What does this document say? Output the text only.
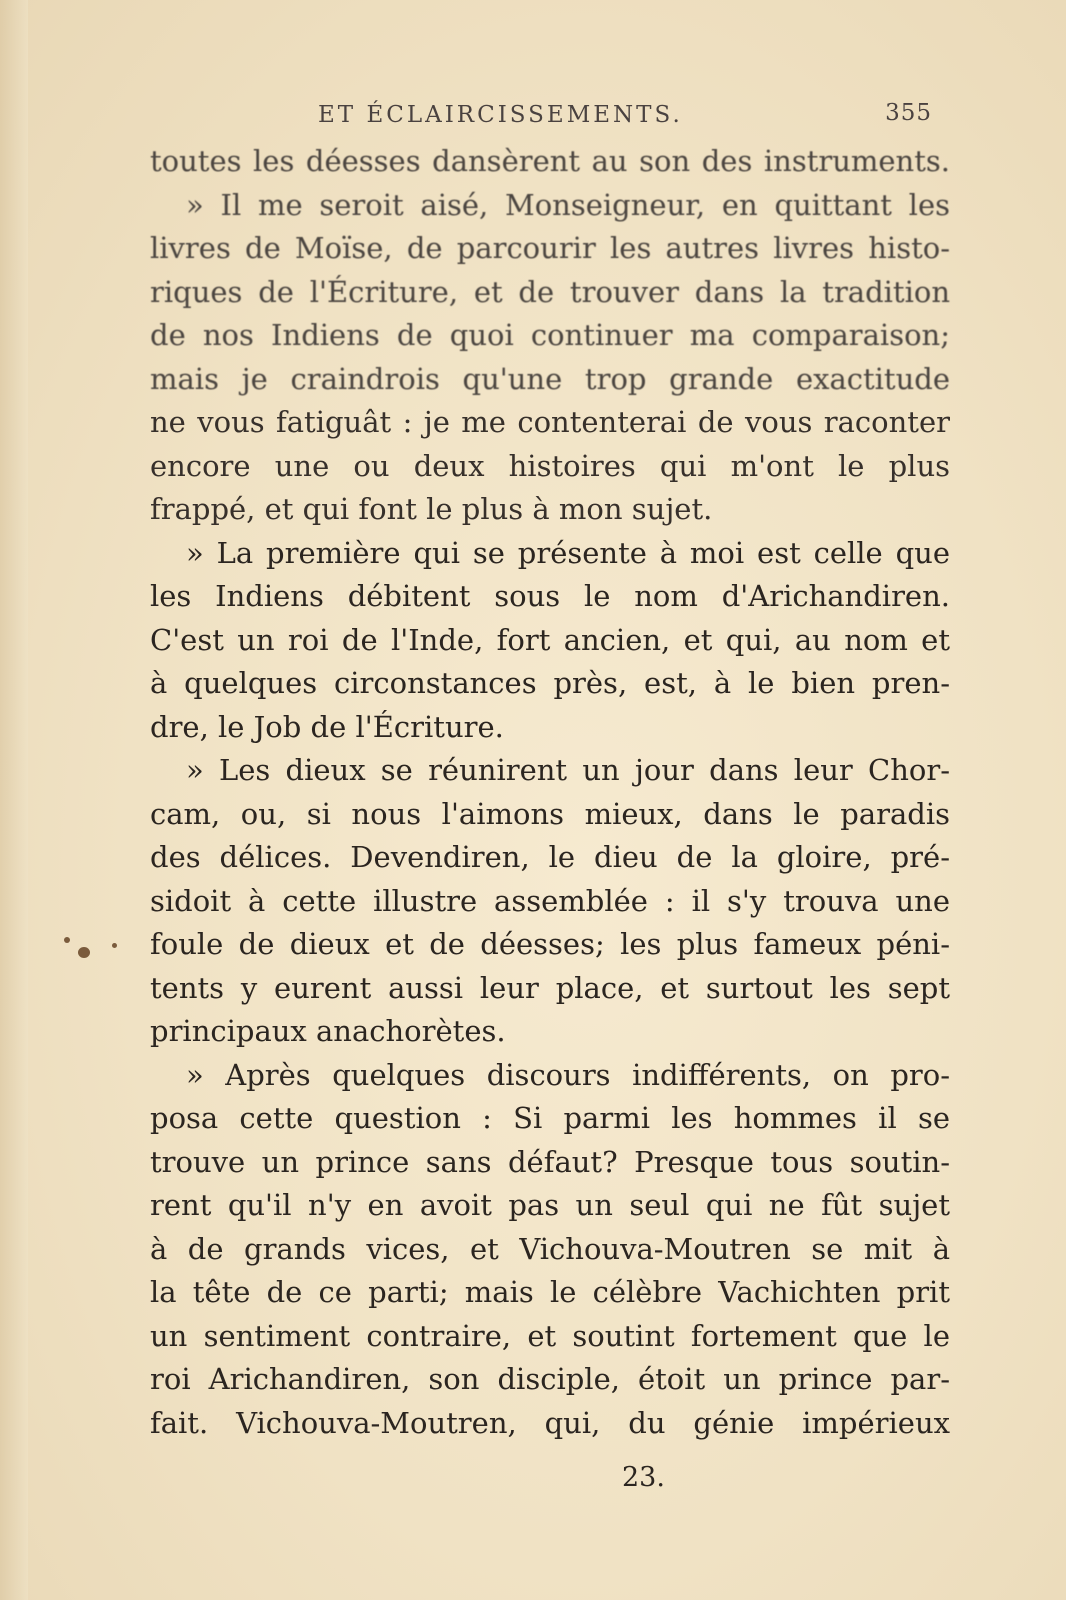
ET ÉCLAIRCISSEMENTS.	355
toutes les déesses dansèrent au son des instruments.
» Il me seroit aisé, Monseigneur, en quittant les
livres de Moïse, de parcourir les autres livres histo-
riques de l'Écriture, et de trouver dans la tradition
de nos Indiens de quoi continuer ma comparaison;
mais je craindrois qu'une trop grande exactitude
ne vous fatiguât : je me contenterai de vous raconter
encore une ou deux histoires qui m'ont le plus
frappé, et qui font le plus à mon sujet.
» La première qui se présente à moi est celle que
les Indiens débitent sous le nom d'Arichandiren.
C'est un roi de l'Inde, fort ancien, et qui, au nom et
à quelques circonstances près, est, à le bien pren-
dre, le Job de l'Écriture.
» Les dieux se réunirent un jour dans leur Chor-
cam, ou, si nous l'aimons mieux, dans le paradis
des délices. Devendiren, le dieu de la gloire, pré-
sidoit à cette illustre assemblée : il s'y trouva une
foule de dieux et de déesses; les plus fameux péni-
tents y eurent aussi leur place, et surtout les sept
principaux anachorètes.
» Après quelques discours indifférents, on pro-
posa cette question : Si parmi les hommes il se
trouve un prince sans défaut? Presque tous soutin-
rent qu'il n'y en avoit pas un seul qui ne fût sujet
à de grands vices, et Vichouva-Moutren se mit à
la tête de ce parti; mais le célèbre Vachichten prit
un sentiment contraire, et soutint fortement que le
roi Arichandiren, son disciple, étoit un prince par-
fait. Vichouva-Moutren, qui, du génie impérieux
23.
